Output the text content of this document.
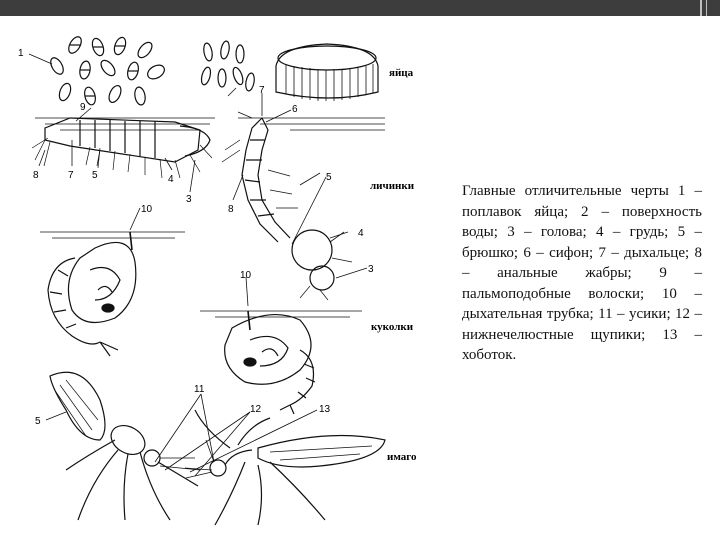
1
9
7
8	5	4
3
7
6
8
5
4
3
10
10
5
11
12	13
яйца
личинки
куколки
имаго

Главные отличительные черты 1 – поплавок яйца; 2 – поверхность воды; 3 – голова; 4 – грудь; 5 – брюшко; 6 – сифон; 7 – дыхальце; 8 – анальные жабры; 9 – пальмоподобные волоски; 10 – дыхательная трубка; 11 – усики; 12 – нижнечелюстные щупики; 13 – хоботок.
